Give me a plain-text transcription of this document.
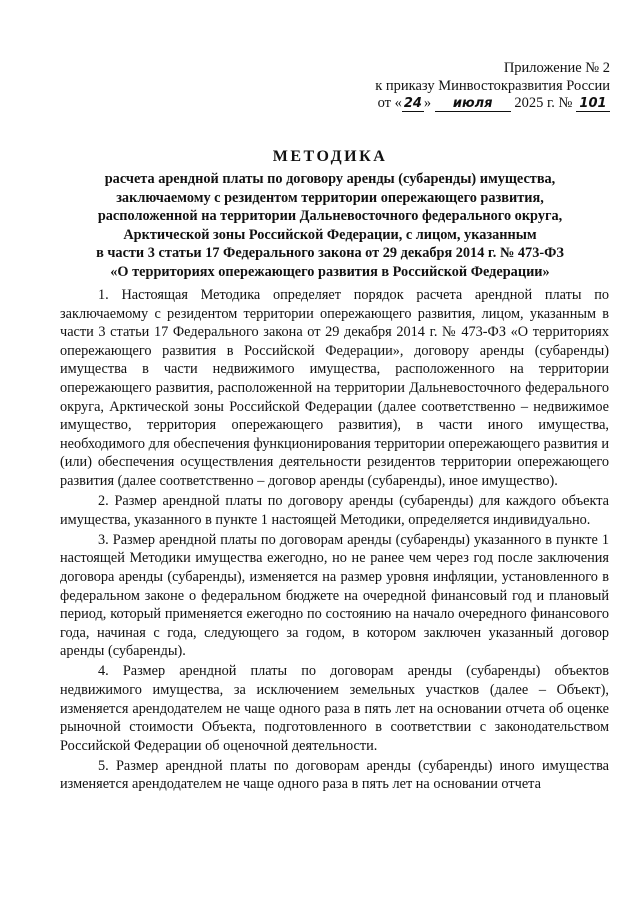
Приложение № 2
к приказу Минвостокразвития России
от « 24 » июля 2025 г. № 101
МЕТОДИКА
расчета арендной платы по договору аренды (субаренды) имущества,
заключаемому с резидентом территории опережающего развития,
расположенной на территории Дальневосточного федерального округа,
Арктической зоны Российской Федерации, с лицом, указанным
в части 3 статьи 17 Федерального закона от 29 декабря 2014 г. № 473-ФЗ
«О территориях опережающего развития в Российской Федерации»

1. Настоящая Методика определяет порядок расчета арендной платы по заключаемому с резидентом территории опережающего развития, лицом, указанным в части 3 статьи 17 Федерального закона от 29 декабря 2014 г. № 473-ФЗ «О территориях опережающего развития в Российской Федерации», договору аренды (субаренды) имущества в части недвижимого имущества, расположенного на территории опережающего развития, расположенной на территории Дальневосточного федерального округа, Арктической зоны Российской Федерации (далее соответственно – недвижимое имущество, территория опережающего развития), в части иного имущества, необходимого для обеспечения функционирования территории опережающего развития и (или) обеспечения осуществления деятельности резидентов территории опережающего развития (далее соответственно – договор аренды (субаренды), иное имущество).

2. Размер арендной платы по договору аренды (субаренды) для каждого объекта имущества, указанного в пункте 1 настоящей Методики, определяется индивидуально.

3. Размер арендной платы по договорам аренды (субаренды) указанного в пункте 1 настоящей Методики имущества ежегодно, но не ранее чем через год после заключения договора аренды (субаренды), изменяется на размер уровня инфляции, установленного в федеральном законе о федеральном бюджете на очередной финансовый год и плановый период, который применяется ежегодно по состоянию на начало очередного финансового года, начиная с года, следующего за годом, в котором заключен указанный договор аренды (субаренды).

4. Размер арендной платы по договорам аренды (субаренды) объектов недвижимого имущества, за исключением земельных участков (далее – Объект), изменяется арендодателем не чаще одного раза в пять лет на основании отчета об оценке рыночной стоимости Объекта, подготовленного в соответствии с законодательством Российской Федерации об оценочной деятельности.

5. Размер арендной платы по договорам аренды (субаренды) иного имущества изменяется арендодателем не чаще одного раза в пять лет на основании отчета
